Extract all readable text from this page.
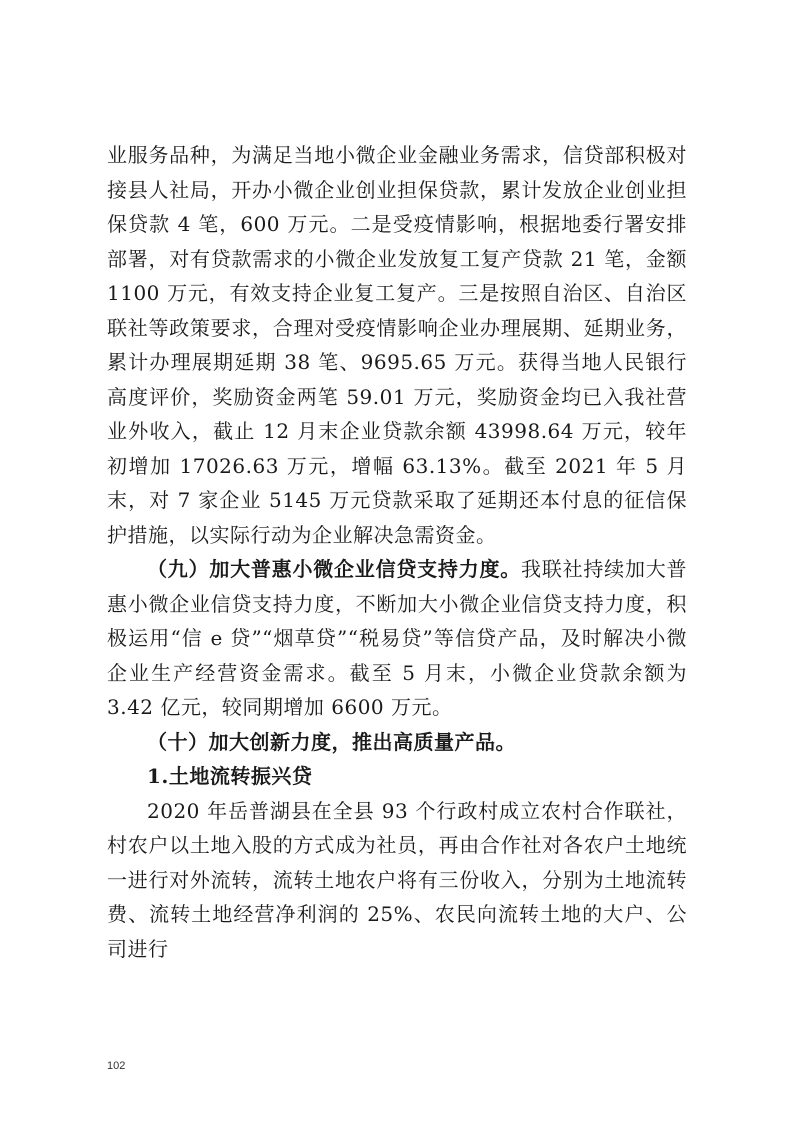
业服务品种，为满足当地小微企业金融业务需求，信贷部积极对接县人社局，开办小微企业创业担保贷款，累计发放企业创业担保贷款 4 笔，600 万元。二是受疫情影响，根据地委行署安排部署，对有贷款需求的小微企业发放复工复产贷款 21 笔，金额 1100 万元，有效支持企业复工复产。三是按照自治区、自治区联社等政策要求，合理对受疫情影响企业办理展期、延期业务，累计办理展期延期 38 笔、9695.65 万元。获得当地人民银行高度评价，奖励资金两笔 59.01 万元，奖励资金均已入我社营业外收入，截止 12 月末企业贷款余额 43998.64 万元，较年初增加 17026.63 万元，增幅 63.13%。截至 2021 年 5 月末，对 7 家企业 5145 万元贷款采取了延期还本付息的征信保护措施，以实际行动为企业解决急需资金。

（九）加大普惠小微企业信贷支持力度。我联社持续加大普惠小微企业信贷支持力度，不断加大小微企业信贷支持力度，积极运用“信 e 贷”“烟草贷”“税易贷”等信贷产品，及时解决小微企业生产经营资金需求。截至 5 月末，小微企业贷款余额为 3.42 亿元，较同期增加 6600 万元。

（十）加大创新力度，推出高质量产品。

1.土地流转振兴贷

2020 年岳普湖县在全县 93 个行政村成立农村合作联社，村农户以土地入股的方式成为社员，再由合作社对各农户土地统一进行对外流转，流转土地农户将有三份收入，分别为土地流转费、流转土地经营净利润的 25%、农民向流转土地的大户、公司进行

102
